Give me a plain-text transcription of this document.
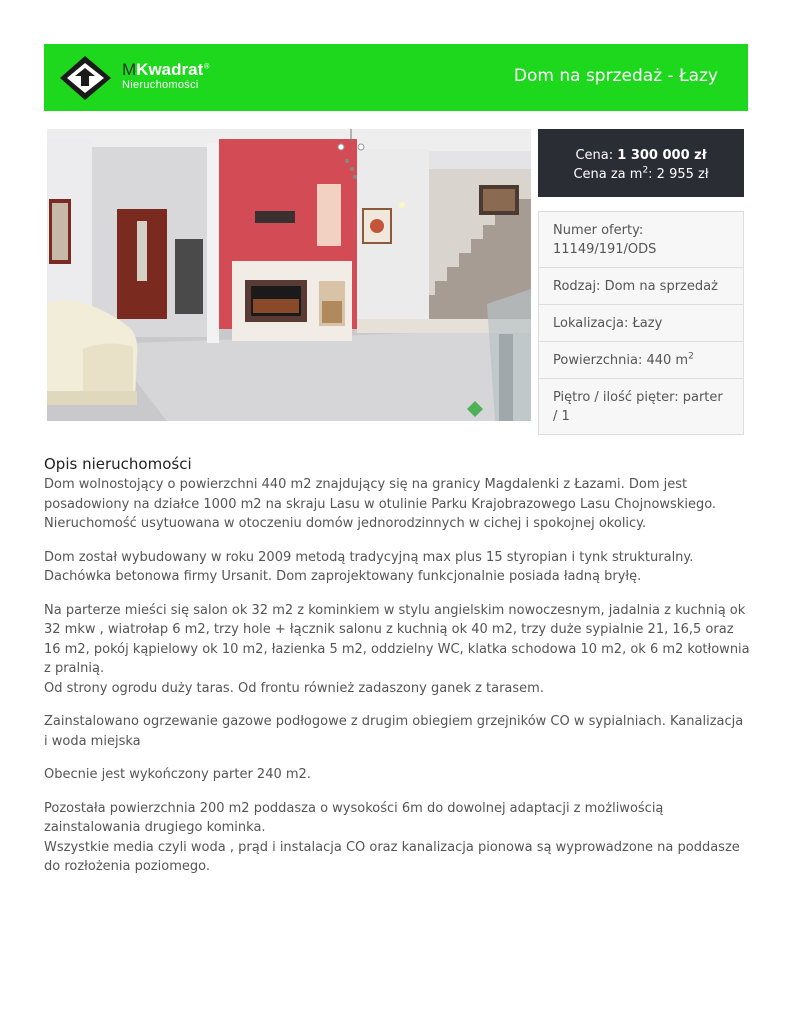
MKwadrat®
Nieruchomości	Dom na sprzedaż - Łazy
Cena: 1 300 000 zł
Cena za $m^2$: 2 955 zł
Numer oferty: 11149/191/ODS
Rodzaj: Dom na sprzedaż
Lokalizacja: Łazy
Powierzchnia: 440 $m^2$
Piętro / ilość pięter: parter / 1
Opis nieruchomości

Dom wolnostojący o powierzchni 440 m2 znajdujący się na granicy Magdalenki z Łazami. Dom jest posadowiony na działce 1000 m2 na skraju Lasu w otulinie Parku Krajobrazowego Lasu Chojnowskiego. Nieruchomość usytuowana w otoczeniu domów jednorodzinnych w cichej i spokojnej okolicy.

Dom został wybudowany w roku 2009 metodą tradycyjną max plus 15 styropian i tynk strukturalny. Dachówka betonowa firmy Ursanit. Dom zaprojektowany funkcjonalnie posiada ładną bryłę.

Na parterze mieści się salon ok 32 m2 z kominkiem w stylu angielskim nowoczesnym, jadalnia z kuchnią ok 32 mkw , wiatrołap 6 m2, trzy hole + łącznik salonu z kuchnią ok 40 m2, trzy duże sypialnie 21, 16,5 oraz 16 m2, pokój kąpielowy ok 10 m2, łazienka 5 m2, oddzielny WC, klatka schodowa 10 m2, ok 6 m2 kotłownia z pralnią.
Od strony ogrodu duży taras. Od frontu również zadaszony ganek z tarasem.

Zainstalowano ogrzewanie gazowe podłogowe z drugim obiegiem grzejników CO w sypialniach. Kanalizacja i woda miejska

Obecnie jest wykończony parter 240 m2.

Pozostała powierzchnia 200 m2 poddasza o wysokości 6m do dowolnej adaptacji z możliwością zainstalowania drugiego kominka.
Wszystkie media czyli woda , prąd i instalacja CO oraz kanalizacja pionowa są wyprowadzone na poddasze do rozłożenia poziomego.
